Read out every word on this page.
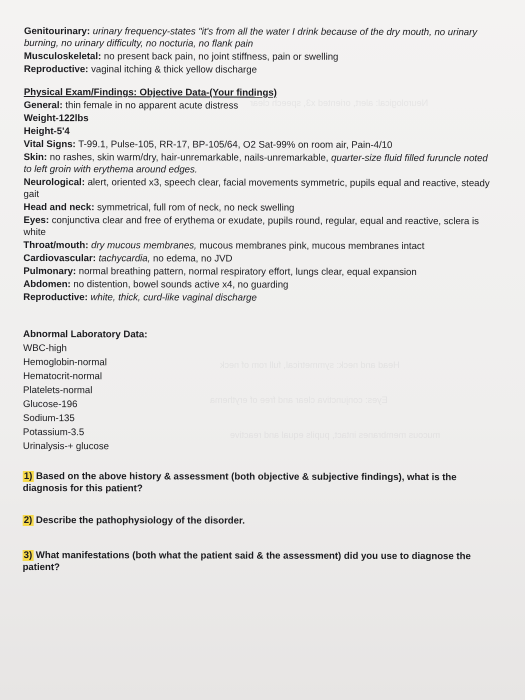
Neurological: alert, oriented x3, speech clear
Head and neck: symmetrical, full rom of neck
Eyes: conjunctiva clear and free of erythema
mucous membranes intact, pupils equal and reactive
Genitourinary: urinary frequency-states "it's from all the water I drink because of the dry mouth, no urinary burning, no urinary difficulty, no nocturia, no flank pain
Musculoskeletal: no present back pain, no joint stiffness, pain or swelling
Reproductive: vaginal itching & thick yellow discharge
Physical Exam/Findings: Objective Data-(Your findings)
General: thin female in no apparent acute distress
Weight-122lbs
Height-5'4
Vital Signs: T-99.1, Pulse-105, RR-17, BP-105/64, O2 Sat-99% on room air, Pain-4/10
Skin: no rashes, skin warm/dry, hair-unremarkable, nails-unremarkable, quarter-size fluid filled furuncle noted to left groin with erythema around edges.
Neurological: alert, oriented x3, speech clear, facial movements symmetric, pupils equal and reactive, steady gait
Head and neck: symmetrical, full rom of neck, no neck swelling
Eyes: conjunctiva clear and free of erythema or exudate, pupils round, regular, equal and reactive, sclera is white
Throat/mouth: dry mucous membranes, mucous membranes pink, mucous membranes intact
Cardiovascular: tachycardia, no edema, no JVD
Pulmonary: normal breathing pattern, normal respiratory effort, lungs clear, equal expansion
Abdomen: no distention, bowel sounds active x4, no guarding
Reproductive: white, thick, curd-like vaginal discharge
Abnormal Laboratory Data:
WBC-high
Hemoglobin-normal
Hematocrit-normal
Platelets-normal
Glucose-196
Sodium-135
Potassium-3.5
Urinalysis-+ glucose
1) Based on the above history & assessment (both objective & subjective findings), what is the diagnosis for this patient?
2) Describe the pathophysiology of the disorder.
3) What manifestations (both what the patient said & the assessment) did you use to diagnose the patient?
